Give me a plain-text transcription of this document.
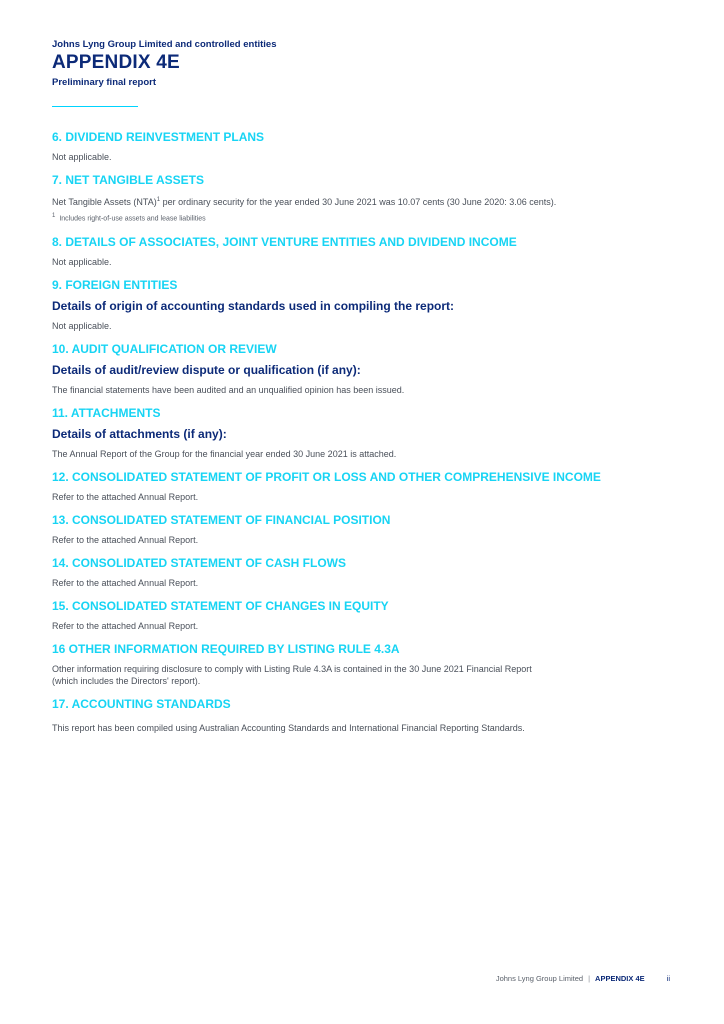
Johns Lyng Group Limited and controlled entities

APPENDIX 4E

Preliminary final report

6. DIVIDEND REINVESTMENT PLANS

Not applicable.

7. NET TANGIBLE ASSETS

Net Tangible Assets (NTA)$^1$ per ordinary security for the year ended 30 June 2021 was 10.07 cents (30 June 2020: 3.06 cents).

$^1$ Includes right-of-use assets and lease liabilities

8. DETAILS OF ASSOCIATES, JOINT VENTURE ENTITIES AND DIVIDEND INCOME

Not applicable.

9. FOREIGN ENTITIES
Details of origin of accounting standards used in compiling the report:

Not applicable.

10. AUDIT QUALIFICATION OR REVIEW
Details of audit/review dispute or qualification (if any):

The financial statements have been audited and an unqualified opinion has been issued.

11. ATTACHMENTS
Details of attachments (if any):

The Annual Report of the Group for the financial year ended 30 June 2021 is attached.

12. CONSOLIDATED STATEMENT OF PROFIT OR LOSS AND OTHER COMPREHENSIVE INCOME

Refer to the attached Annual Report.

13. CONSOLIDATED STATEMENT OF FINANCIAL POSITION

Refer to the attached Annual Report.

14. CONSOLIDATED STATEMENT OF CASH FLOWS

Refer to the attached Annual Report.

15. CONSOLIDATED STATEMENT OF CHANGES IN EQUITY

Refer to the attached Annual Report.

16 OTHER INFORMATION REQUIRED BY LISTING RULE 4.3A

Other information requiring disclosure to comply with Listing Rule 4.3A is contained in the 30 June 2021 Financial Report
(which includes the Directors' report).

17. ACCOUNTING STANDARDS

This report has been compiled using Australian Accounting Standards and International Financial Reporting Standards.

Johns Lyng Group Limited | APPENDIX 4E	ii
